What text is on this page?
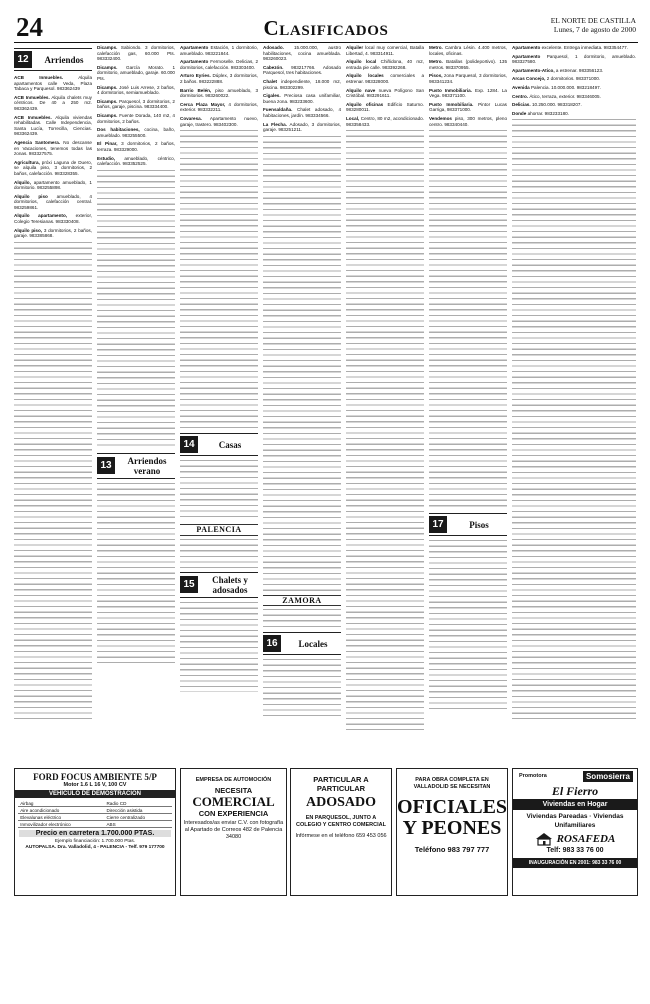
24	Clasificados	EL NORTE DE CASTILLA
Lunes, 7 de agosto de 2000
12	Arriendos
ACB Inmuebles.	Alquila apartamentos calle Veda, Plaza Tabaca y Parquesol. 983362439
ACB Inmuebles. Alquila chalets muy céntricos. De 40 a 250 m2. 983362439.
ACB Inmuebles. Alquila viviendas rehabilitadas. Calle Independencia, Santa Lucía, Torrecilla, Ciencias. 983362439.
Agencia Santomera. No descanse en Vacaciones, tenemos todas las zonas. 983327575.
Agricultura, próxi Laguna de Duero, se alquila piso, 3 dormitorios, 2 baños, calefacción. 983328355.
Alquilo, apartamento amueblado, 1 dormitorio. 983255898.
Alquilo piso amueblado, 4 dormitorios, calefacción central. 983259861.
Alquilo apartamento, exterior, Colegio Teresianas. 983330408.
Alquilo piso, 3 dormitorios, 2 baños, garaje. 983385868.
Dicamps. Sabiondo. 3 dormitorios, calefacción gas, 60.000 Pts. 983332400.
Dicamps. García Morato. 1 dormitorio, amueblado, garaje. 60.000 Pts.
Dicamps. José Luis Arrese, 2 baños, 4 dormitorios, semiamueblado.
Dicamps. Parquesol, 3 dormitorios, 2 baños, garaje, piscina. 983334400.
Dicamps. Fuente Dorada, 140 m2, 4 dormitorios, 2 baños.
Dos habitaciones, cocina, baño, amueblado. 983255500.
El Pinar, 3 dormitorios, 2 baños, terraza. 983329000.
Estudio, amueblado, céntrico, calefacción. 983352525.
13	Arriendos verano
Apartamento Estación, 1 dormitorio, amueblado. 983221844.
Apartamento Fermoselle. Delicias, 2 dormitorios, calefacción. 983303400.
Arturo Eyries. Dúplex, 3 dormitorios, 2 baños. 983222888.
Barrio Belén, piso amueblado, 3 dormitorios. 983260022.
Cerca Plaza Mayor, 4 dormitorios, exterior. 983332211.
Covaresa. Apartamento nuevo, garaje, trastero. 983402300.
14	Casas
PALENCIA
15	Chalets y adosados
Adosado. 15.000.000, austro habilitaciones, cocina amueblada. 983260023.
Cabezón. 983217766. Adosado Parquesol, tres habitaciones.
Chalet independiente, 18.000 m2, piscina. 983302299.
Cigales. Preciosa casa unifamiliar, buena zona. 983233600.
Fuensaldaña. Chalet adosado, 4 habitaciones, jardín. 983334566.
La Flecha. Adosado, 3 dormitorios, garaje. 983251211.
ZAMORA
16	Locales
Alquiler local muy comercial, Batalla Libertad, 4. 983314911.
Alquilo local Chiñidona, 40 m2, entrada pie calle. 983392268.
Alquilo locales comerciales a estrenar. 983328000.
Alquilo nave nueva Polígono San Cristóbal. 983291611.
Alquilo oficinas Edificio Saturno. 983280011.
Local, Centro, 80 m2, acondicionado. 983358433.
Metro. Cambra Lésin. 4.400 metros, locales, oficinas.
Metro. Batallas (polideportivo). 135 metros. 983370955.
Pisos, zona Parquesol, 3 dormitorios, 983341234.
Pusto Inmobiliaria. Exp. 1284. La Vega. 983371100.
Pusto Inmobiliaria. Pintor Lucas Garriga, 983371000.
Vendemos piso, 300 metros, pleno centro. 983340440.
17	Pisos
Apartamento excelente. Entrega inmediata. 983354477.
Apartamento Parquesol, 1 dormitorio, amueblado. 983327580.
Apartamento-Atico, a estrenar. 983356123.
Arcas Concejo, 2 dormitorios. 983371000.
Avenida Palencia. 10.000.000. 983218497.
Centro. Ático, terraza, exterior. 983346005.
Delicias. 10.250.000. 983318207.
Donde ahorrar. 983233180.
FORD FOCUS AMBIENTE 5/P
Motor 1.6 L 16 V, 100 CV
VEHÍCULO DE DEMOSTRACIÓN
Airbag	Radio CD
Aire acondicionado	Dirección asistida
Elevalunas eléctrico	Cierre centralizado
Inmovilizador electrónico	ABS
Precio en carretera 1.700.000 PTAS.
Ejemplo financiación: 1.700.000 Ptas.
AUTOPALSA. Dra. Valladolid, 4 - PALENCIA - Telf. 979 177700
EMPRESA DE AUTOMOCIÓN
NECESITA
COMERCIAL
CON EXPERIENCIA
Interesados/as enviar C.V. con fotografía al Apartado de Correos 482 de Palencia 34080
PARTICULAR A PARTICULAR
ADOSADO
EN PARQUESOL, JUNTO A COLEGIO Y CENTRO COMERCIAL
Infórmese en el teléfono 659 453 056
PARA OBRA COMPLETA EN VALLADOLID SE NECESITAN
OFICIALES Y PEONES
Teléfono 983 797 777
Promotora	Somosierra
El Fierro
Viviendas en Hogar
Viviendas Pareadas · Viviendas Unifamiliares
ROSAFEDA
Telf: 983 33 76 00
INAUGURACIÓN EN 2001: 983 33 76 00
